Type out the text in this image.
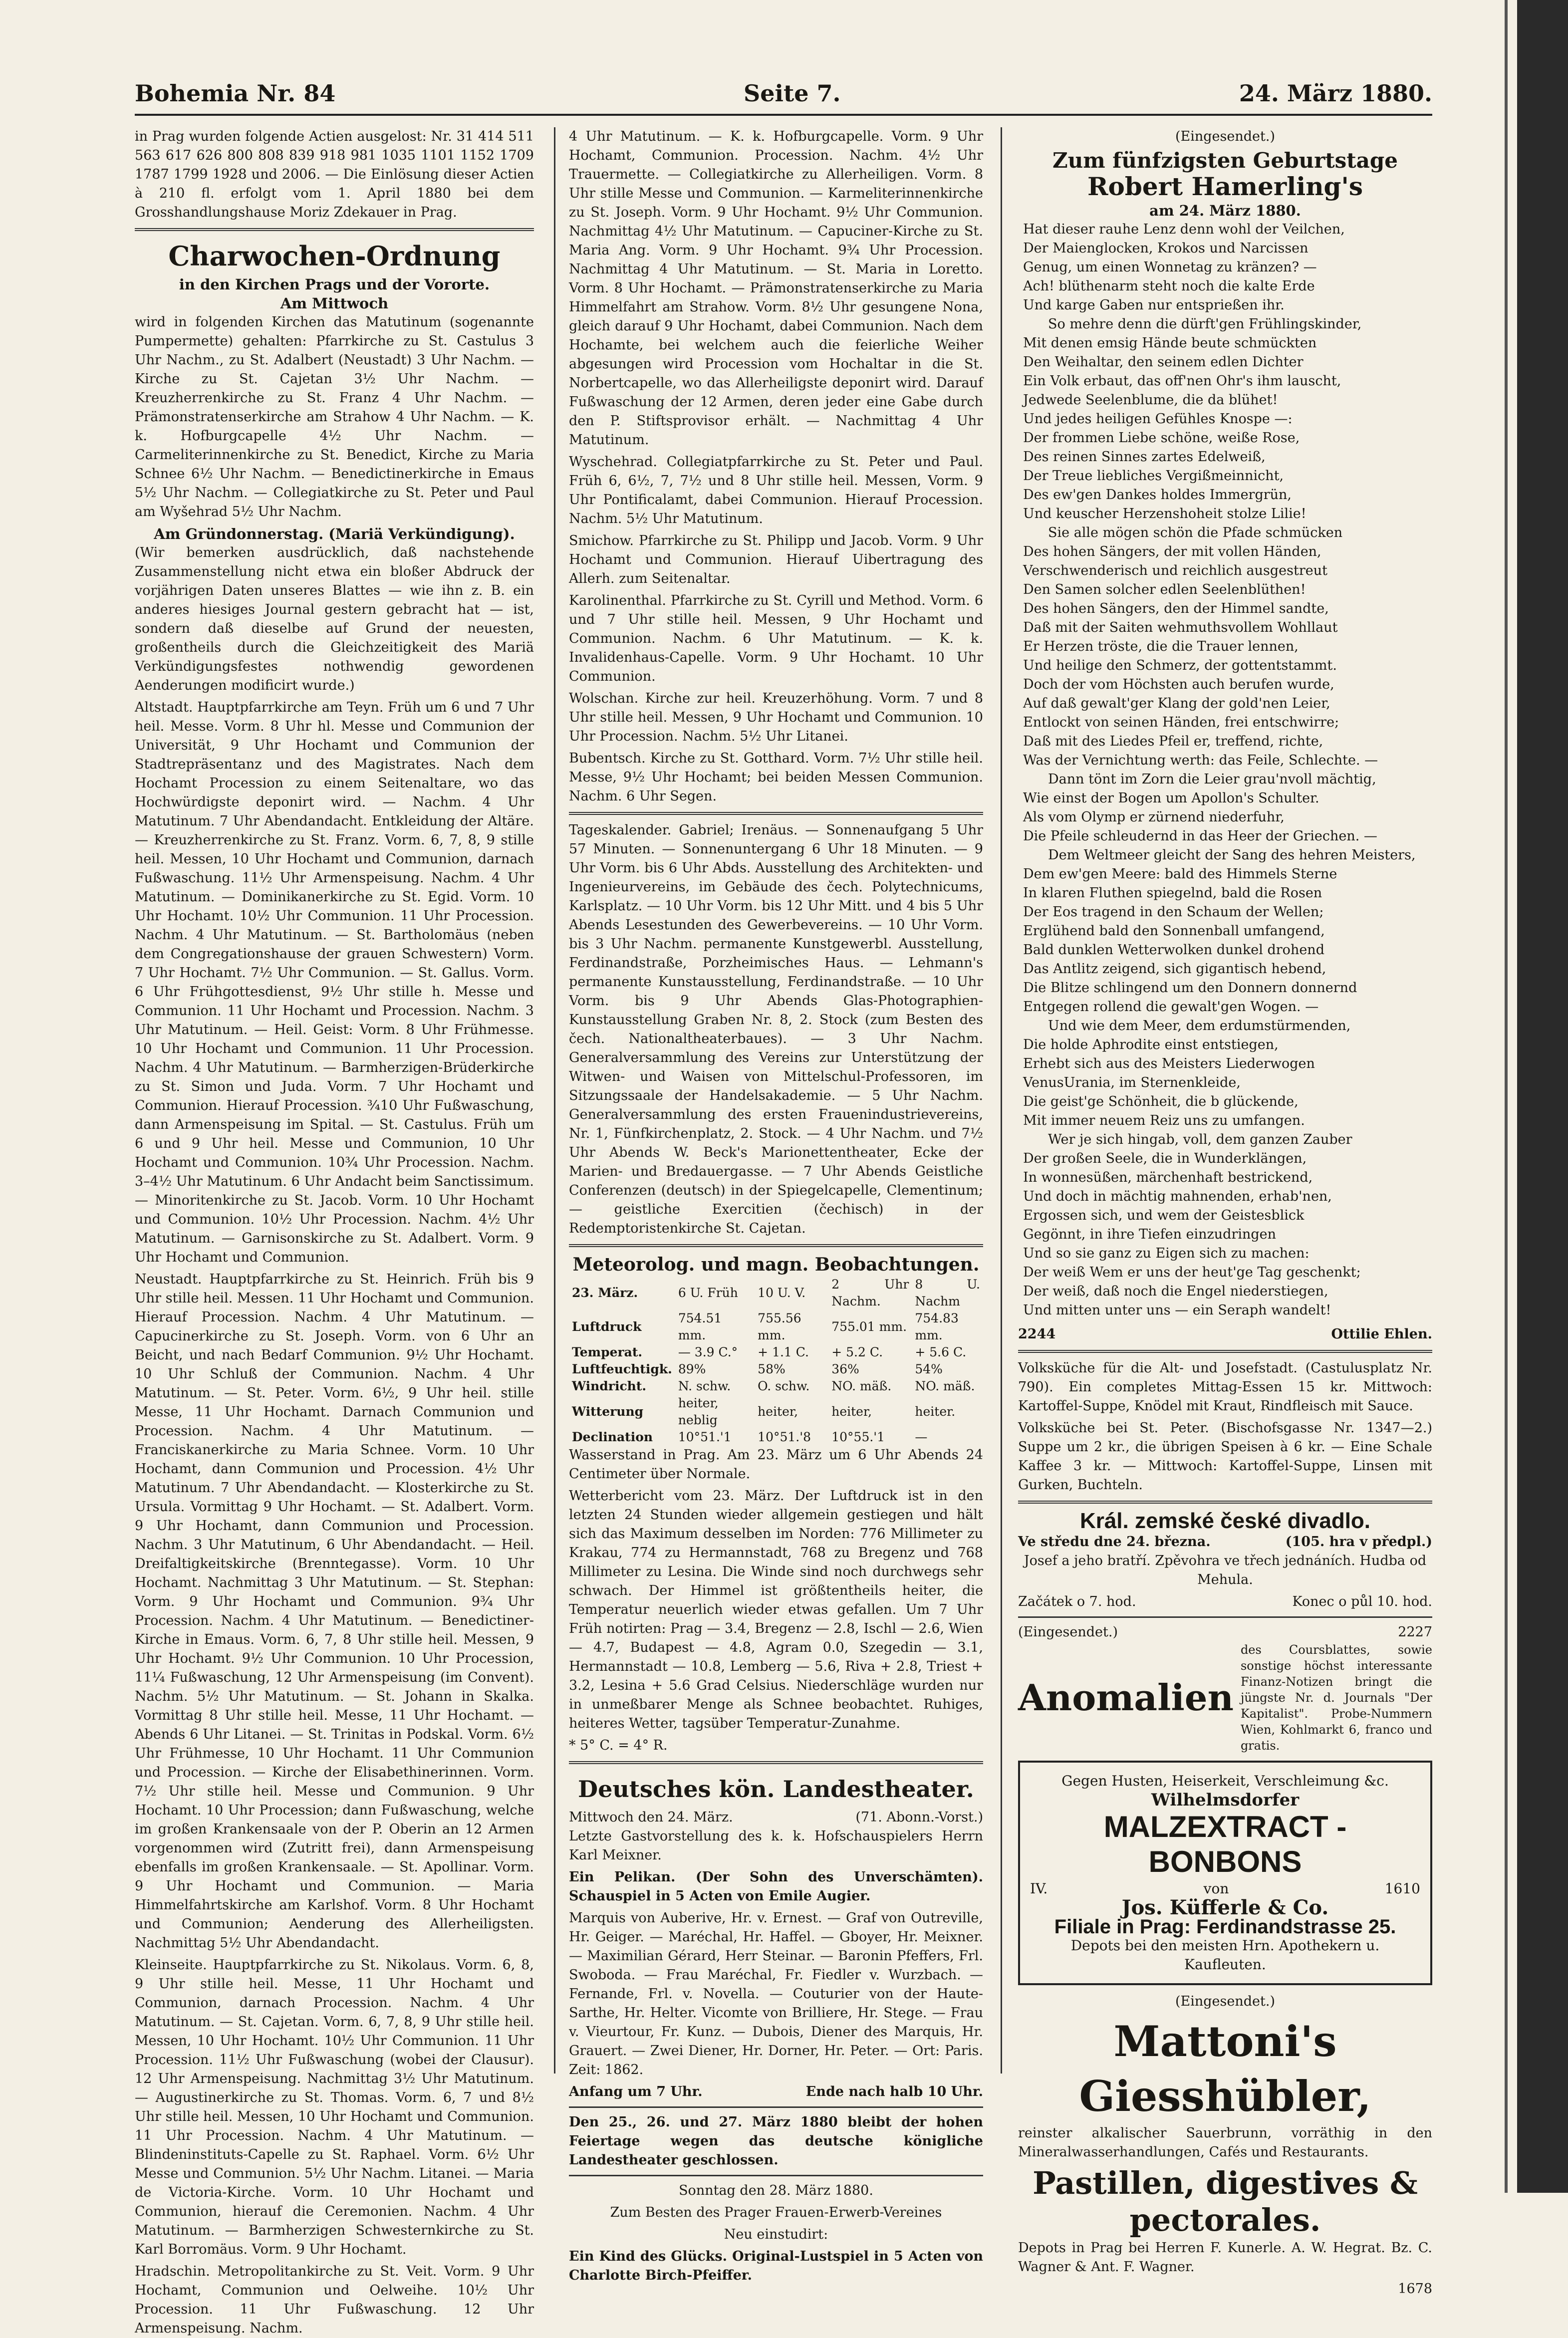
Bohemia Nr. 84	Seite 7.	24. März 1880.

in Prag wurden folgende Actien ausgelost: Nr. 31 414 511 563 617 626 800 808 839 918 981 1035 1101 1152 1709 1787 1799 1928 und 2006. — Die Einlösung dieser Actien à 210 fl. erfolgt vom 1. April 1880 bei dem Grosshandlungshause Moriz Zdekauer in Prag.

Charwochen-Ordnung
in den Kirchen Prags und der Vororte.
Am Mittwoch

wird in folgenden Kirchen das Matutinum (sogenannte Pumpermette) gehalten: Pfarrkirche zu St. Castulus 3 Uhr Nachm., zu St. Adalbert (Neustadt) 3 Uhr Nachm. — Kirche zu St. Cajetan 3½ Uhr Nachm. — Kreuzherrenkirche zu St. Franz 4 Uhr Nachm. — Prämonstratenserkirche am Strahow 4 Uhr Nachm. — K. k. Hofburgcapelle 4½ Uhr Nachm. — Carmeliterinnenkirche zu St. Benedict, Kirche zu Maria Schnee 6½ Uhr Nachm. — Benedictinerkirche in Emaus 5½ Uhr Nachm. — Collegiatkirche zu St. Peter und Paul am Wyšehrad 5½ Uhr Nachm.

Am Gründonnerstag. (Mariä Verkündigung).

(Wir bemerken ausdrücklich, daß nachstehende Zusammenstellung nicht etwa ein bloßer Abdruck der vorjährigen Daten unseres Blattes — wie ihn z. B. ein anderes hiesiges Journal gestern gebracht hat — ist, sondern daß dieselbe auf Grund der neuesten, großentheils durch die Gleichzeitigkeit des Mariä Verkündigungsfestes nothwendig gewordenen Aenderungen modificirt wurde.)

Altstadt. Hauptpfarrkirche am Teyn. Früh um 6 und 7 Uhr heil. Messe. Vorm. 8 Uhr hl. Messe und Communion der Universität, 9 Uhr Hochamt und Communion der Stadtrepräsentanz und des Magistrates. Nach dem Hochamt Procession zu einem Seitenaltare, wo das Hochwürdigste deponirt wird. — Nachm. 4 Uhr Matutinum. 7 Uhr Abendandacht. Entkleidung der Altäre. — Kreuzherrenkirche zu St. Franz. Vorm. 6, 7, 8, 9 stille heil. Messen, 10 Uhr Hochamt und Communion, darnach Fußwaschung. 11½ Uhr Armenspeisung. Nachm. 4 Uhr Matutinum. — Dominikanerkirche zu St. Egid. Vorm. 10 Uhr Hochamt. 10½ Uhr Communion. 11 Uhr Procession. Nachm. 4 Uhr Matutinum. — St. Bartholomäus (neben dem Congregationshause der grauen Schwestern) Vorm. 7 Uhr Hochamt. 7½ Uhr Communion. — St. Gallus. Vorm. 6 Uhr Frühgottesdienst, 9½ Uhr stille h. Messe und Communion. 11 Uhr Hochamt und Procession. Nachm. 3 Uhr Matutinum. — Heil. Geist: Vorm. 8 Uhr Frühmesse. 10 Uhr Hochamt und Communion. 11 Uhr Procession. Nachm. 4 Uhr Matutinum. — Barmherzigen-Brüderkirche zu St. Simon und Juda. Vorm. 7 Uhr Hochamt und Communion. Hierauf Procession. ¾10 Uhr Fußwaschung, dann Armenspeisung im Spital. — St. Castulus. Früh um 6 und 9 Uhr heil. Messe und Communion, 10 Uhr Hochamt und Communion. 10¾ Uhr Procession. Nachm. 3–4½ Uhr Matutinum. 6 Uhr Andacht beim Sanctissimum. — Minoritenkirche zu St. Jacob. Vorm. 10 Uhr Hochamt und Communion. 10½ Uhr Procession. Nachm. 4½ Uhr Matutinum. — Garnisonskirche zu St. Adalbert. Vorm. 9 Uhr Hochamt und Communion.

Neustadt. Hauptpfarrkirche zu St. Heinrich. Früh bis 9 Uhr stille heil. Messen. 11 Uhr Hochamt und Communion. Hierauf Procession. Nachm. 4 Uhr Matutinum. — Capucinerkirche zu St. Joseph. Vorm. von 6 Uhr an Beicht, und nach Bedarf Communion. 9½ Uhr Hochamt. 10 Uhr Schluß der Communion. Nachm. 4 Uhr Matutinum. — St. Peter. Vorm. 6½, 9 Uhr heil. stille Messe, 11 Uhr Hochamt. Darnach Communion und Procession. Nachm. 4 Uhr Matutinum. — Franciskanerkirche zu Maria Schnee. Vorm. 10 Uhr Hochamt, dann Communion und Procession. 4½ Uhr Matutinum. 7 Uhr Abendandacht. — Klosterkirche zu St. Ursula. Vormittag 9 Uhr Hochamt. — St. Adalbert. Vorm. 9 Uhr Hochamt, dann Communion und Procession. Nachm. 3 Uhr Matutinum, 6 Uhr Abendandacht. — Heil. Dreifaltigkeitskirche (Brenntegasse). Vorm. 10 Uhr Hochamt. Nachmittag 3 Uhr Matutinum. — St. Stephan: Vorm. 9 Uhr Hochamt und Communion. 9¾ Uhr Procession. Nachm. 4 Uhr Matutinum. — Benedictiner-Kirche in Emaus. Vorm. 6, 7, 8 Uhr stille heil. Messen, 9 Uhr Hochamt. 9½ Uhr Communion. 10 Uhr Procession, 11¼ Fußwaschung, 12 Uhr Armenspeisung (im Convent). Nachm. 5½ Uhr Matutinum. — St. Johann in Skalka. Vormittag 8 Uhr stille heil. Messe, 11 Uhr Hochamt. — Abends 6 Uhr Litanei. — St. Trinitas in Podskal. Vorm. 6½ Uhr Frühmesse, 10 Uhr Hochamt. 11 Uhr Communion und Procession. — Kirche der Elisabethinerinnen. Vorm. 7½ Uhr stille heil. Messe und Communion. 9 Uhr Hochamt. 10 Uhr Procession; dann Fußwaschung, welche im großen Krankensaale von der P. Oberin an 12 Armen vorgenommen wird (Zutritt frei), dann Armenspeisung ebenfalls im großen Krankensaale. — St. Apollinar. Vorm. 9 Uhr Hochamt und Communion. — Maria Himmelfahrtskirche am Karlshof. Vorm. 8 Uhr Hochamt und Communion; Aenderung des Allerheiligsten. Nachmittag 5½ Uhr Abendandacht.

Kleinseite. Hauptpfarrkirche zu St. Nikolaus. Vorm. 6, 8, 9 Uhr stille heil. Messe, 11 Uhr Hochamt und Communion, darnach Procession. Nachm. 4 Uhr Matutinum. — St. Cajetan. Vorm. 6, 7, 8, 9 Uhr stille heil. Messen, 10 Uhr Hochamt. 10½ Uhr Communion. 11 Uhr Procession. 11½ Uhr Fußwaschung (wobei der Clausur). 12 Uhr Armenspeisung. Nachmittag 3½ Uhr Matutinum. — Augustinerkirche zu St. Thomas. Vorm. 6, 7 und 8½ Uhr stille heil. Messen, 10 Uhr Hochamt und Communion. 11 Uhr Procession. Nachm. 4 Uhr Matutinum. — Blindeninstituts-Capelle zu St. Raphael. Vorm. 6½ Uhr Messe und Communion. 5½ Uhr Nachm. Litanei. — Maria de Victoria-Kirche. Vorm. 10 Uhr Hochamt und Communion, hierauf die Ceremonien. Nachm. 4 Uhr Matutinum. — Barmherzigen Schwesternkirche zu St. Karl Borromäus. Vorm. 9 Uhr Hochamt.

Hradschin. Metropolitankirche zu St. Veit. Vorm. 9 Uhr Hochamt, Communion und Oelweihe. 10½ Uhr Procession. 11 Uhr Fußwaschung. 12 Uhr Armenspeisung. Nachm.

4 Uhr Matutinum. — K. k. Hofburgcapelle. Vorm. 9 Uhr Hochamt, Communion. Procession. Nachm. 4½ Uhr Trauermette. — Collegiatkirche zu Allerheiligen. Vorm. 8 Uhr stille Messe und Communion. — Karmeliterinnenkirche zu St. Joseph. Vorm. 9 Uhr Hochamt. 9½ Uhr Communion. Nachmittag 4½ Uhr Matutinum. — Capuciner-Kirche zu St. Maria Ang. Vorm. 9 Uhr Hochamt. 9¾ Uhr Procession. Nachmittag 4 Uhr Matutinum. — St. Maria in Loretto. Vorm. 8 Uhr Hochamt. — Prämonstratenserkirche zu Maria Himmelfahrt am Strahow. Vorm. 8½ Uhr gesungene Nona, gleich darauf 9 Uhr Hochamt, dabei Communion. Nach dem Hochamte, bei welchem auch die feierliche Weiher abgesungen wird Procession vom Hochaltar in die St. Norbertcapelle, wo das Allerheiligste deponirt wird. Darauf Fußwaschung der 12 Armen, deren jeder eine Gabe durch den P. Stiftsprovisor erhält. — Nachmittag 4 Uhr Matutinum.

Wyschehrad. Collegiatpfarrkirche zu St. Peter und Paul. Früh 6, 6½, 7, 7½ und 8 Uhr stille heil. Messen, Vorm. 9 Uhr Pontificalamt, dabei Communion. Hierauf Procession. Nachm. 5½ Uhr Matutinum.

Smichow. Pfarrkirche zu St. Philipp und Jacob. Vorm. 9 Uhr Hochamt und Communion. Hierauf Uibertragung des Allerh. zum Seitenaltar.

Karolinenthal. Pfarrkirche zu St. Cyrill und Method. Vorm. 6 und 7 Uhr stille heil. Messen, 9 Uhr Hochamt und Communion. Nachm. 6 Uhr Matutinum. — K. k. Invalidenhaus-Capelle. Vorm. 9 Uhr Hochamt. 10 Uhr Communion.

Wolschan. Kirche zur heil. Kreuzerhöhung. Vorm. 7 und 8 Uhr stille heil. Messen, 9 Uhr Hochamt und Communion. 10 Uhr Procession. Nachm. 5½ Uhr Litanei.

Bubentsch. Kirche zu St. Gotthard. Vorm. 7½ Uhr stille heil. Messe, 9½ Uhr Hochamt; bei beiden Messen Communion. Nachm. 6 Uhr Segen.

Tageskalender. Gabriel; Irenäus. — Sonnenaufgang 5 Uhr 57 Minuten. — Sonnenuntergang 6 Uhr 18 Minuten. — 9 Uhr Vorm. bis 6 Uhr Abds. Ausstellung des Architekten- und Ingenieurvereins, im Gebäude des čech. Polytechnicums, Karlsplatz. — 10 Uhr Vorm. bis 12 Uhr Mitt. und 4 bis 5 Uhr Abends Lesestunden des Gewerbevereins. — 10 Uhr Vorm. bis 3 Uhr Nachm. permanente Kunstgewerbl. Ausstellung, Ferdinandstraße, Porzheimisches Haus. — Lehmann's permanente Kunstausstellung, Ferdinandstraße. — 10 Uhr Vorm. bis 9 Uhr Abends Glas-Photographien-Kunstausstellung Graben Nr. 8, 2. Stock (zum Besten des čech. Nationaltheaterbaues). — 3 Uhr Nachm. Generalversammlung des Vereins zur Unterstützung der Witwen- und Waisen von Mittelschul-Professoren, im Sitzungssaale der Handelsakademie. — 5 Uhr Nachm. Generalversammlung des ersten Frauenindustrievereins, Nr. 1, Fünfkirchenplatz, 2. Stock. — 4 Uhr Nachm. und 7½ Uhr Abends W. Beck's Marionettentheater, Ecke der Marien- und Bredauergasse. — 7 Uhr Abends Geistliche Conferenzen (deutsch) in der Spiegelcapelle, Clementinum; — geistliche Exercitien (čechisch) in der Redemptoristenkirche St. Cajetan.

Meteorolog. und magn. Beobachtungen.
23. März.	6 U. Früh	10 U. V.	2 Uhr Nachm.	8 U. Nachm
Luftdruck	754.51 mm.	755.56 mm.	755.01 mm.	754.83 mm.
Temperat.	— 3.9 C.°	+ 1.1 C.	+ 5.2 C.	+ 5.6 C.
Luftfeuchtigk.	89%	58%	36%	54%
Windricht.	N. schw.	O. schw.	NO. mäß.	NO. mäß.
Witterung	heiter, neblig	heiter,	heiter,	heiter.
Declination	10°51.'1	10°51.'8	10°55.'1	—

Wasserstand in Prag. Am 23. März um 6 Uhr Abends 24 Centimeter über Normale.

Wetterbericht vom 23. März. Der Luftdruck ist in den letzten 24 Stunden wieder allgemein gestiegen und hält sich das Maximum desselben im Norden: 776 Millimeter zu Krakau, 774 zu Hermannstadt, 768 zu Bregenz und 768 Millimeter zu Lesina. Die Winde sind noch durchwegs sehr schwach. Der Himmel ist größtentheils heiter, die Temperatur neuerlich wieder etwas gefallen. Um 7 Uhr Früh notirten: Prag — 3.4, Bregenz — 2.8, Ischl — 2.6, Wien — 4.7, Budapest — 4.8, Agram 0.0, Szegedin — 3.1, Hermannstadt — 10.8, Lemberg — 5.6, Riva + 2.8, Triest + 3.2, Lesina + 5.6 Grad Celsius. Niederschläge wurden nur in unmeßbarer Menge als Schnee beobachtet. Ruhiges, heiteres Wetter, tagsüber Temperatur-Zunahme.

* 5° C. = 4° R.

Deutsches kön. Landestheater.
Mittwoch den 24. März.	(71. Abonn.-Vorst.)

Letzte Gastvorstellung des k. k. Hofschauspielers Herrn Karl Meixner.

Ein Pelikan. (Der Sohn des Unverschämten). Schauspiel in 5 Acten von Emile Augier.

Marquis von Auberive, Hr. v. Ernest. — Graf von Outreville, Hr. Geiger. — Maréchal, Hr. Haffel. — Gboyer, Hr. Meixner. — Maximilian Gérard, Herr Steinar. — Baronin Pfeffers, Frl. Swoboda. — Frau Maréchal, Fr. Fiedler v. Wurzbach. — Fernande, Frl. v. Novella. — Couturier von der Haute-Sarthe, Hr. Helter. Vicomte von Brilliere, Hr. Stege. — Frau v. Vieurtour, Fr. Kunz. — Dubois, Diener des Marquis, Hr. Grauert. — Zwei Diener, Hr. Dorner, Hr. Peter. — Ort: Paris. Zeit: 1862.

Anfang um 7 Uhr.	Ende nach halb 10 Uhr.

Den 25., 26. und 27. März 1880 bleibt der hohen Feiertage wegen das deutsche königliche Landestheater geschlossen.

Sonntag den 28. März 1880.

Zum Besten des Prager Frauen-Erwerb-Vereines

Neu einstudirt:

Ein Kind des Glücks. Original-Lustspiel in 5 Acten von Charlotte Birch-Pfeiffer.

(Eingesendet.)

Zum fünfzigsten Geburtstage
Robert Hamerling's
am 24. März 1880.

Hat dieser rauhe Lenz denn wohl der Veilchen,

Der Maienglocken, Krokos und Narcissen

Genug, um einen Wonnetag zu kränzen? —

Ach! blüthenarm steht noch die kalte Erde

Und karge Gaben nur entsprießen ihr.

So mehre denn die dürft'gen Frühlingskinder,

Mit denen emsig Hände beute schmückten

Den Weihaltar, den seinem edlen Dichter

Ein Volk erbaut, das off'nen Ohr's ihm lauscht,

Jedwede Seelenblume, die da blühet!

Und jedes heiligen Gefühles Knospe —:

Der frommen Liebe schöne, weiße Rose,

Des reinen Sinnes zartes Edelweiß,

Der Treue liebliches Vergißmeinnicht,

Des ew'gen Dankes holdes Immergrün,

Und keuscher Herzenshoheit stolze Lilie!

Sie alle mögen schön die Pfade schmücken

Des hohen Sängers, der mit vollen Händen,

Verschwenderisch und reichlich ausgestreut

Den Samen solcher edlen Seelenblüthen!

Des hohen Sängers, den der Himmel sandte,

Daß mit der Saiten wehmuthsvollem Wohllaut

Er Herzen tröste, die die Trauer lennen,

Und heilige den Schmerz, der gottentstammt.

Doch der vom Höchsten auch berufen wurde,

Auf daß gewalt'ger Klang der gold'nen Leier,

Entlockt von seinen Händen, frei entschwirre;

Daß mit des Liedes Pfeil er, treffend, richte,

Was der Vernichtung werth: das Feile, Schlechte. —

Dann tönt im Zorn die Leier grau'nvoll mächtig,

Wie einst der Bogen um Apollon's Schulter.

Als vom Olymp er zürnend niederfuhr,

Die Pfeile schleudernd in das Heer der Griechen. —

Dem Weltmeer gleicht der Sang des hehren Meisters,

Dem ew'gen Meere: bald des Himmels Sterne

In klaren Fluthen spiegelnd, bald die Rosen

Der Eos tragend in den Schaum der Wellen;

Erglühend bald den Sonnenball umfangend,

Bald dunklen Wetterwolken dunkel drohend

Das Antlitz zeigend, sich gigantisch hebend,

Die Blitze schlingend um den Donnern donnernd

Entgegen rollend die gewalt'gen Wogen. —

Und wie dem Meer, dem erdumstürmenden,

Die holde Aphrodite einst entstiegen,

Erhebt sich aus des Meisters Liederwogen

VenusUrania, im Sternenkleide,

Die geist'ge Schönheit, die b glückende,

Mit immer neuem Reiz uns zu umfangen.

Wer je sich hingab, voll, dem ganzen Zauber

Der großen Seele, die in Wunderklängen,

In wonnesüßen, märchenhaft bestrickend,

Und doch in mächtig mahnenden, erhab'nen,

Ergossen sich, und wem der Geistesblick

Gegönnt, in ihre Tiefen einzudringen

Und so sie ganz zu Eigen sich zu machen:

Der weiß Wem er uns der heut'ge Tag geschenkt;

Der weiß, daß noch die Engel niederstiegen,

Und mitten unter uns — ein Seraph wandelt!

2244	Ottilie Ehlen.

Volksküche für die Alt- und Josefstadt. (Castulusplatz Nr. 790). Ein completes Mittag-Essen 15 kr. Mittwoch: Kartoffel-Suppe, Knödel mit Kraut, Rindfleisch mit Sauce.

Volksküche bei St. Peter. (Bischofsgasse Nr. 1347—2.) Suppe um 2 kr., die übrigen Speisen à 6 kr. — Eine Schale Kaffee 3 kr. — Mittwoch: Kartoffel-Suppe, Linsen mit Gurken, Buchteln.

Král. zemské české divadlo.
Ve středu dne 24. března.	(105. hra v předpl.)

Josef a jeho bratří. Zpěvohra ve třech jednáních. Hudba od Mehula.

Začátek o 7. hod.	Konec o půl 10. hod.
(Eingesendet.)	2227
Anomalien
des Coursblattes, sowie sonstige höchst interessante Finanz-Notizen bringt die jüngste Nr. d. Journals "Der Kapitalist". Probe-Nummern Wien, Kohlmarkt 6, franco und gratis.
Gegen Husten, Heiserkeit, Verschleimung &c.
Wilhelmsdorfer
MALZEXTRACT - BONBONS
IV.	von	1610
Jos. Küfferle & Co.
Filiale in Prag: Ferdinandstrasse 25.
Depots bei den meisten Hrn. Apothekern u. Kaufleuten.

(Eingesendet.)

Mattoni's Giesshübler,

reinster alkalischer Sauerbrunn, vorräthig in den Mineralwasserhandlungen, Cafés und Restaurants.

Pastillen, digestives & pectorales.

Depots in Prag bei Herren F. Kunerle. A. W. Hegrat. Bz. C. Wagner & Ant. F. Wagner.

1678
